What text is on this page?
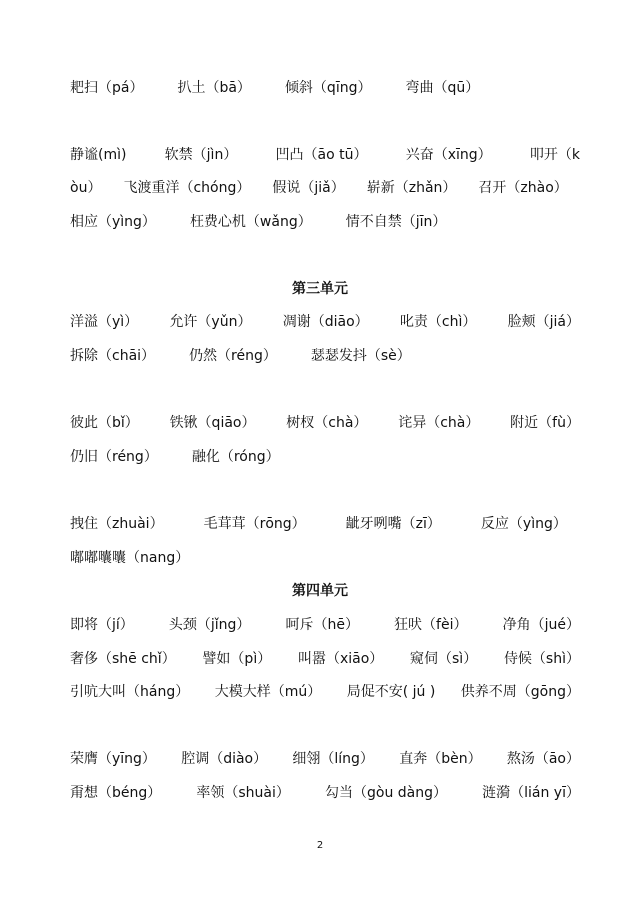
耙扫（pá） 扒土（bā） 倾斜（qīng） 弯曲（qū）
静谧(mì)	软禁（jìn）	凹凸（āo tū）	兴奋（xīng）	叩开（k
òu） 飞渡重洋（chóng） 假说（jiǎ） 崭新（zhǎn） 召开（zhào）
相应（yìng） 枉费心机（wǎng） 情不自禁（jīn）
第三单元
洋溢（yì） 允许（yǔn） 凋谢（diāo） 叱责（chì） 脸颊（jiá）
拆除（chāi） 仍然（réng） 瑟瑟发抖（sè）
彼此（bǐ） 铁锹（qiāo） 树杈（chà） 诧异（chà） 附近（fù）
仍旧（réng） 融化（róng）
拽住（zhuài）	毛茸茸（rōng）	龇牙咧嘴（zī）	反应（yìng）
嘟嘟囔囔（nang）
第四单元
即将（jí）	头颈（jǐng）	呵斥（hē）	狂吠（fèi）	净角（jué）
奢侈（shē chǐ） 譬如（pì） 叫嚣（xiāo） 窥伺（sì） 侍候（shì）
引吭大叫（háng） 大模大样（mú） 局促不安( jú ) 供养不周（gōng）
荣膺（yīng） 腔调（diào） 细翎（líng） 直奔（bèn） 熬汤（āo）
甭想（béng）	率领（shuài）	勾当（gòu dàng）	涟漪（lián yī）
2
